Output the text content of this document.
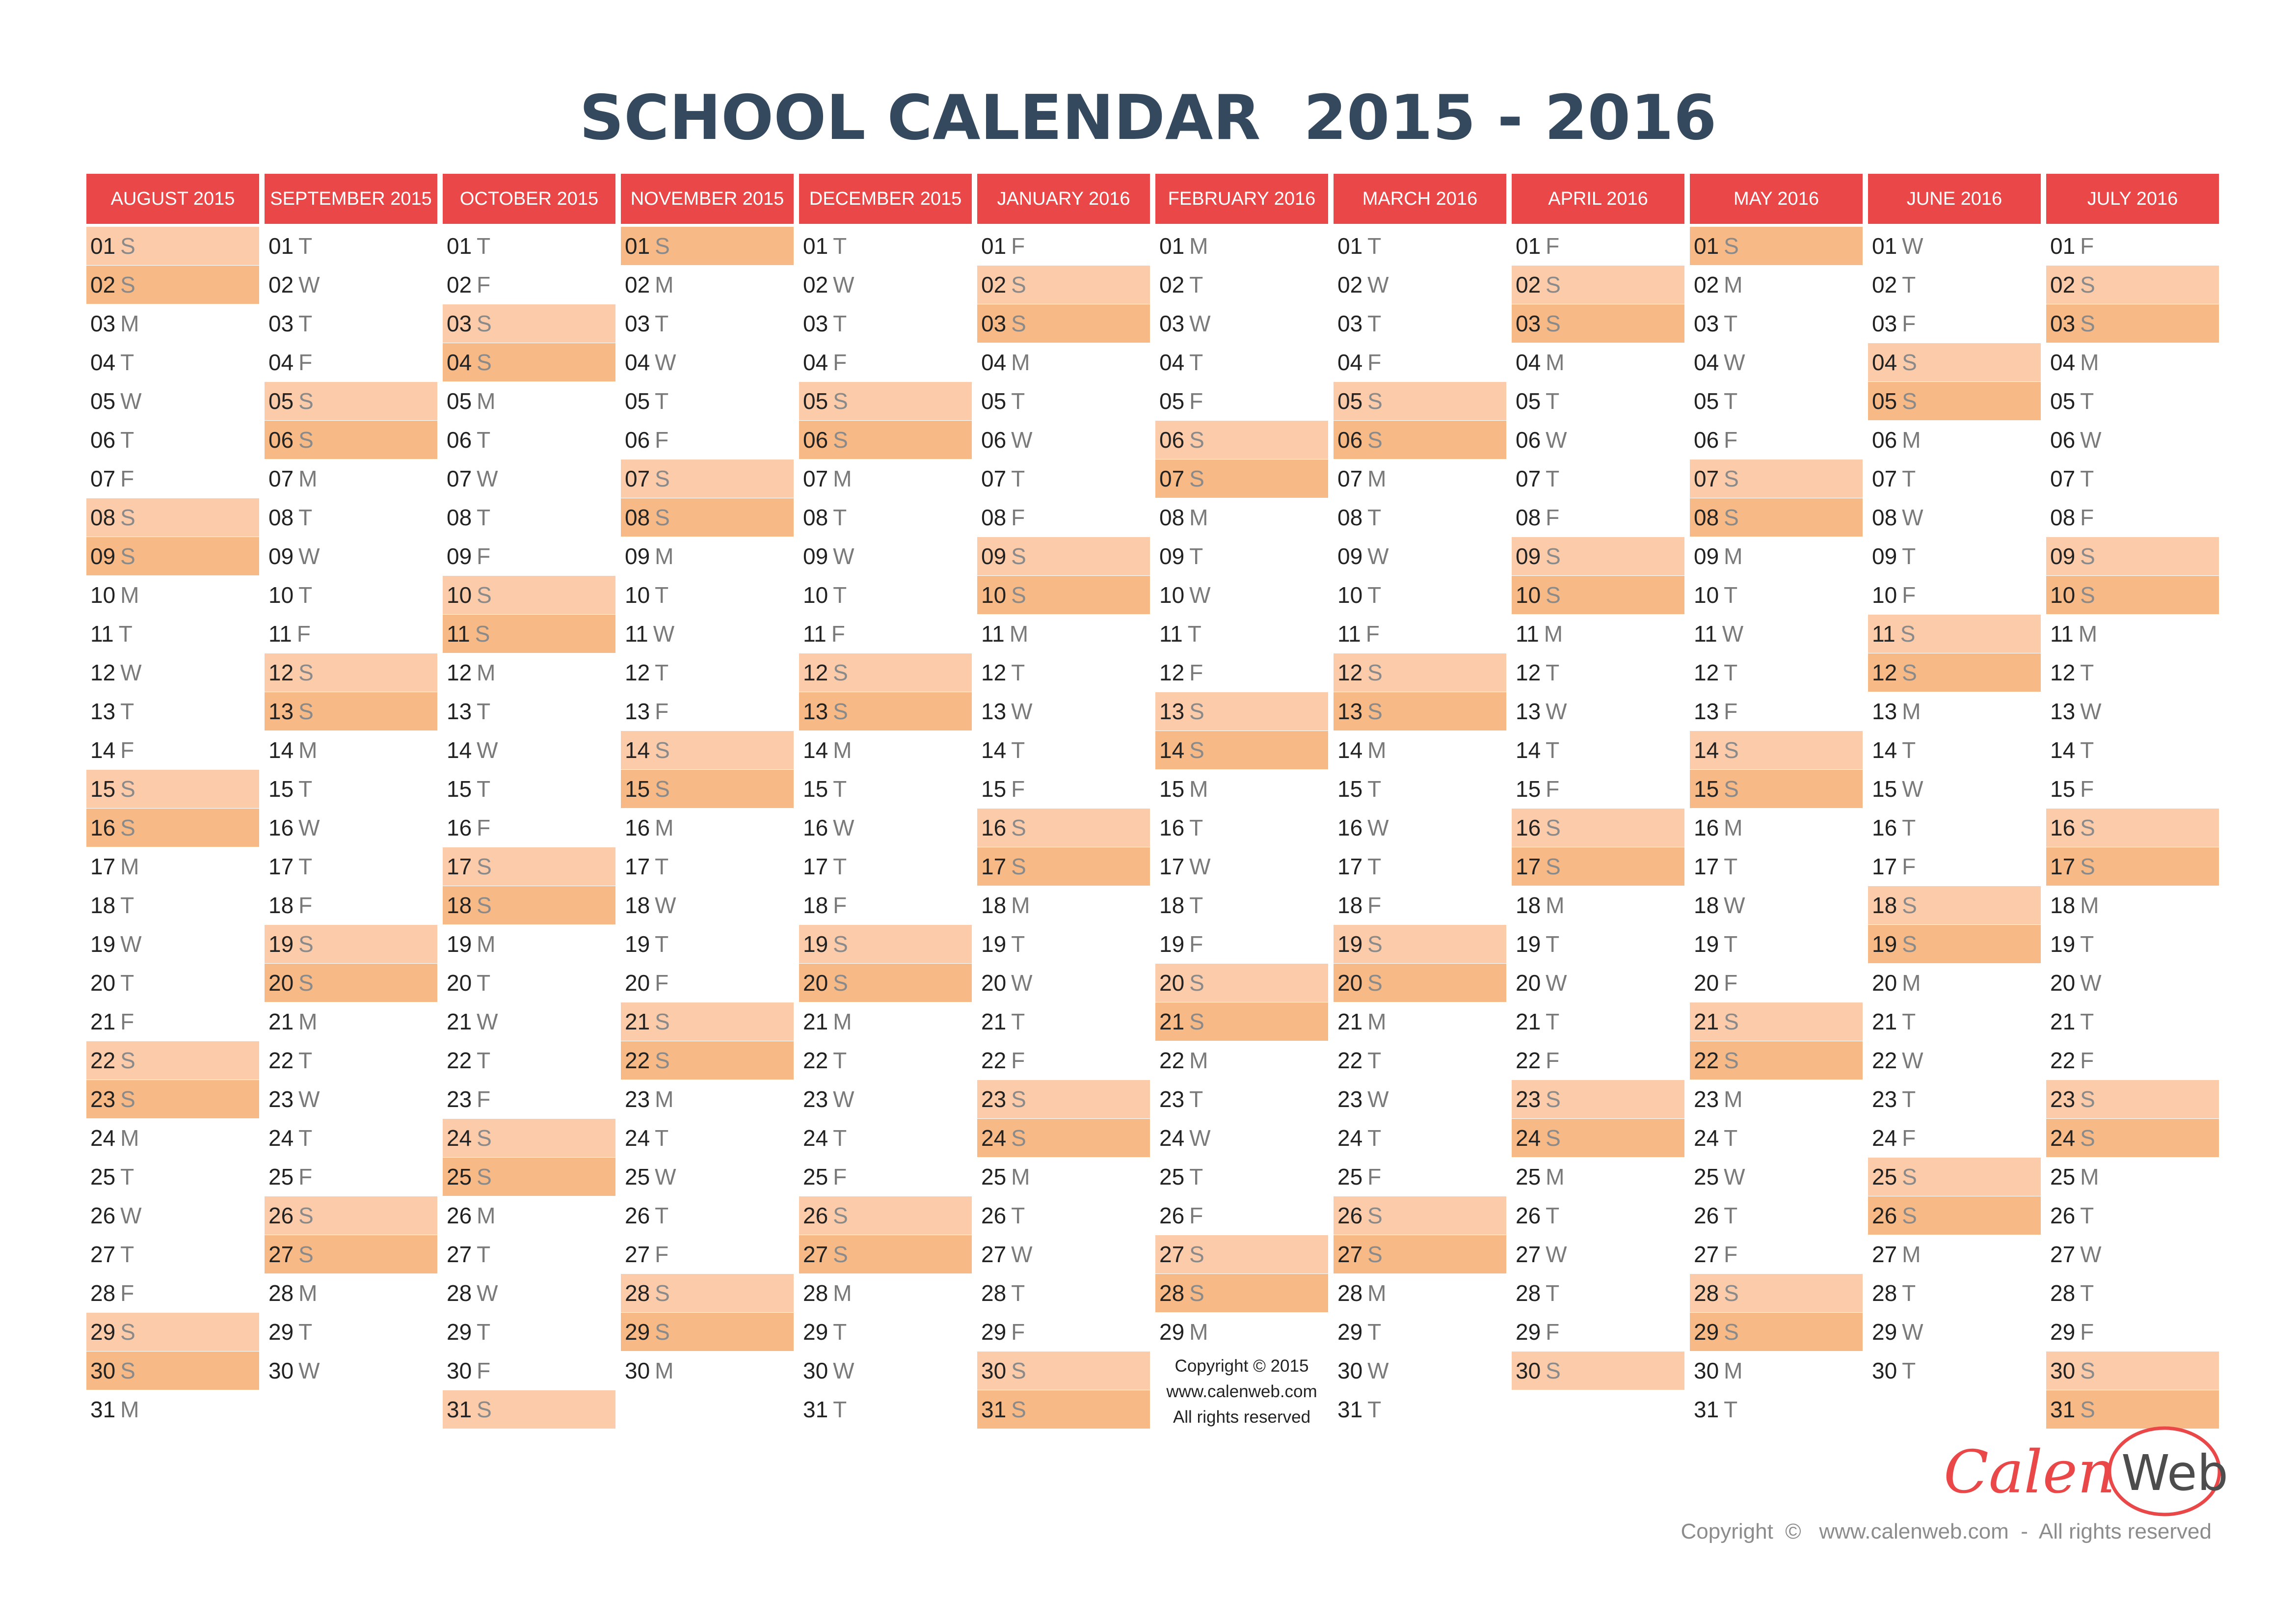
SCHOOL CALENDAR  2015 - 2016
AUGUST 2015
01 S
02 S
03 M
04 T
05 W
06 T
07 F
08 S
09 S
10 M
11 T
12 W
13 T
14 F
15 S
16 S
17 M
18 T
19 W
20 T
21 F
22 S
23 S
24 M
25 T
26 W
27 T
28 F
29 S
30 S
31 M
SEPTEMBER 2015
01 T
02 W
03 T
04 F
05 S
06 S
07 M
08 T
09 W
10 T
11 F
12 S
13 S
14 M
15 T
16 W
17 T
18 F
19 S
20 S
21 M
22 T
23 W
24 T
25 F
26 S
27 S
28 M
29 T
30 W
OCTOBER 2015
01 T
02 F
03 S
04 S
05 M
06 T
07 W
08 T
09 F
10 S
11 S
12 M
13 T
14 W
15 T
16 F
17 S
18 S
19 M
20 T
21 W
22 T
23 F
24 S
25 S
26 M
27 T
28 W
29 T
30 F
31 S
NOVEMBER 2015
01 S
02 M
03 T
04 W
05 T
06 F
07 S
08 S
09 M
10 T
11 W
12 T
13 F
14 S
15 S
16 M
17 T
18 W
19 T
20 F
21 S
22 S
23 M
24 T
25 W
26 T
27 F
28 S
29 S
30 M
DECEMBER 2015
01 T
02 W
03 T
04 F
05 S
06 S
07 M
08 T
09 W
10 T
11 F
12 S
13 S
14 M
15 T
16 W
17 T
18 F
19 S
20 S
21 M
22 T
23 W
24 T
25 F
26 S
27 S
28 M
29 T
30 W
31 T
JANUARY 2016
01 F
02 S
03 S
04 M
05 T
06 W
07 T
08 F
09 S
10 S
11 M
12 T
13 W
14 T
15 F
16 S
17 S
18 M
19 T
20 W
21 T
22 F
23 S
24 S
25 M
26 T
27 W
28 T
29 F
30 S
31 S
FEBRUARY 2016
01 M
02 T
03 W
04 T
05 F
06 S
07 S
08 M
09 T
10 W
11 T
12 F
13 S
14 S
15 M
16 T
17 W
18 T
19 F
20 S
21 S
22 M
23 T
24 W
25 T
26 F
27 S
28 S
29 M
MARCH 2016
01 T
02 W
03 T
04 F
05 S
06 S
07 M
08 T
09 W
10 T
11 F
12 S
13 S
14 M
15 T
16 W
17 T
18 F
19 S
20 S
21 M
22 T
23 W
24 T
25 F
26 S
27 S
28 M
29 T
30 W
31 T
APRIL 2016
01 F
02 S
03 S
04 M
05 T
06 W
07 T
08 F
09 S
10 S
11 M
12 T
13 W
14 T
15 F
16 S
17 S
18 M
19 T
20 W
21 T
22 F
23 S
24 S
25 M
26 T
27 W
28 T
29 F
30 S
MAY 2016
01 S
02 M
03 T
04 W
05 T
06 F
07 S
08 S
09 M
10 T
11 W
12 T
13 F
14 S
15 S
16 M
17 T
18 W
19 T
20 F
21 S
22 S
23 M
24 T
25 W
26 T
27 F
28 S
29 S
30 M
31 T
JUNE 2016
01 W
02 T
03 F
04 S
05 S
06 M
07 T
08 W
09 T
10 F
11 S
12 S
13 M
14 T
15 W
16 T
17 F
18 S
19 S
20 M
21 T
22 W
23 T
24 F
25 S
26 S
27 M
28 T
29 W
30 T
JULY 2016
01 F
02 S
03 S
04 M
05 T
06 W
07 T
08 F
09 S
10 S
11 M
12 T
13 W
14 T
15 F
16 S
17 S
18 M
19 T
20 W
21 T
22 F
23 S
24 S
25 M
26 T
27 W
28 T
29 F
30 S
31 S
Copyright © 2015
www.calenweb.com
All rights reserved
Calen Web
Copyright  ©   www.calenweb.com  -  All rights reserved
